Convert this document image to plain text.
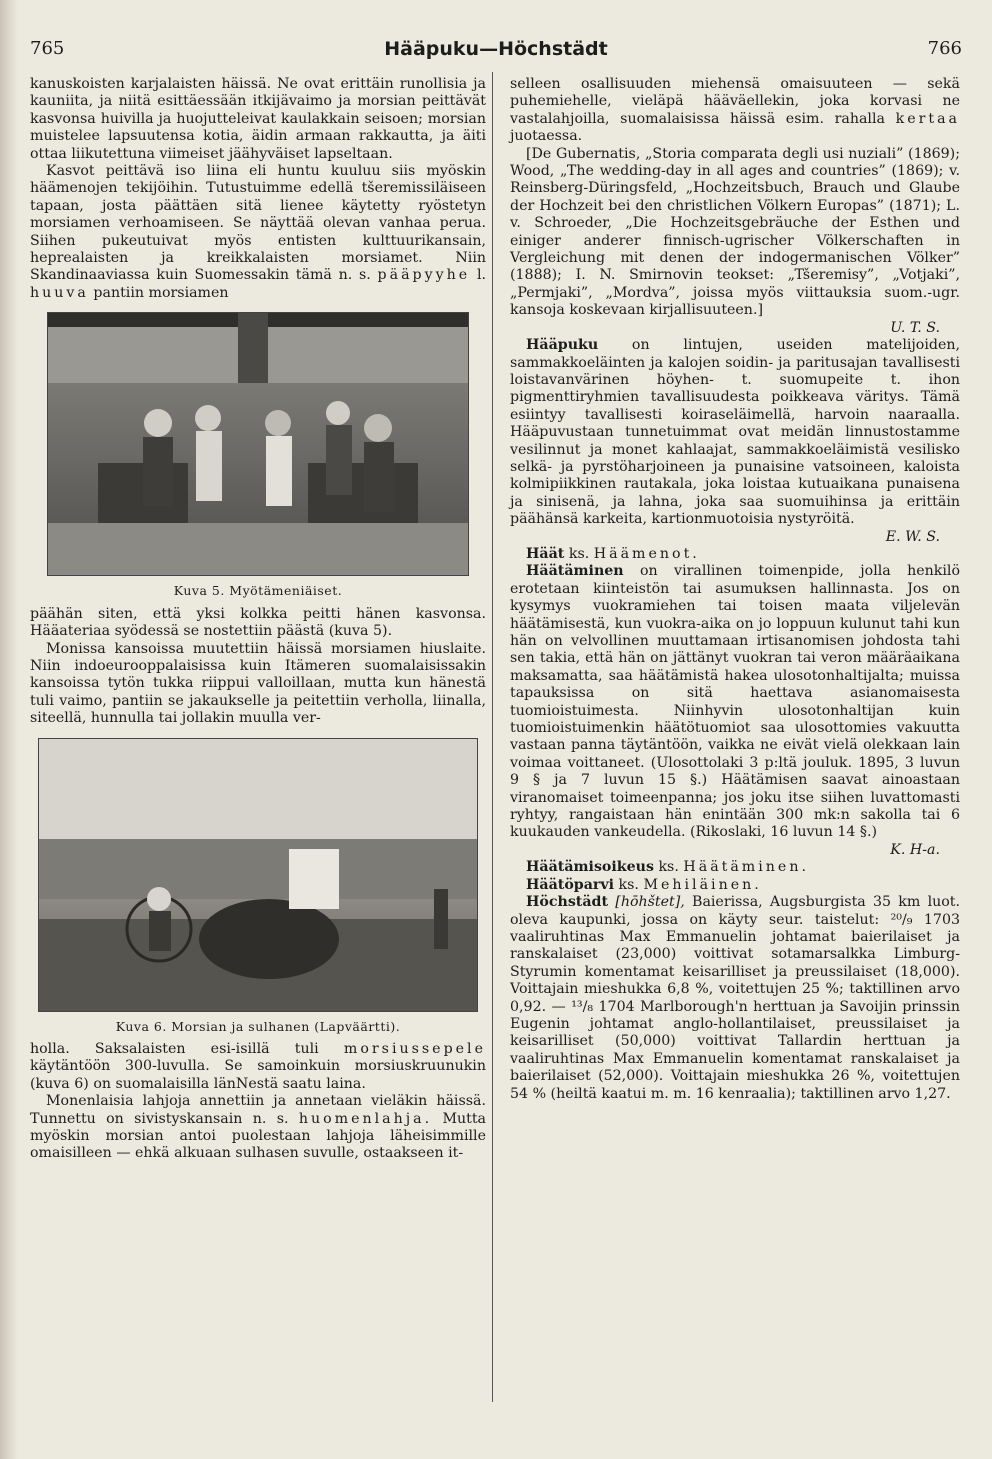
765	Hääpuku—Höchstädt	766

kanuskoisten karjalaisten häissä. Ne ovat erittäin runollisia ja kauniita, ja niitä esittäessään itkijävaimo ja morsian peittävät kasvonsa huivilla ja huojutteleivat kaulakkain seisoen; morsian muistelee lapsuutensa kotia, äidin armaan rakkautta, ja äiti ottaa liikutettuna viimeiset jäähyväiset lapseltaan.

Kasvot peittävä iso liina eli huntu kuuluu siis myöskin häämenojen tekijöihin. Tutustuimme edellä tšeremissiläiseen tapaan, josta päättäen sitä lienee käytetty ryöstetyn morsiamen verhoamiseen. Se näyttää olevan vanhaa perua. Siihen pukeutuivat myös entisten kulttuurikansain, heprealaisten ja kreikkalaisten morsiamet. Niin Skandinaaviassa kuin Suomessakin tämä n. s. pääpyyhe l. huuva pantiin morsiamen

Kuva 5. Myötämeniäiset.

päähän siten, että yksi kolkka peitti hänen kasvonsa. Hääateriaa syödessä se nostettiin päästä (kuva 5).

Monissa kansoissa muutettiin häissä morsiamen hiuslaite. Niin indoeurooppalaisissa kuin Itämeren suomalaisissakin kansoissa tytön tukka riippui valloillaan, mutta kun hänestä tuli vaimo, pantiin se jakaukselle ja peitettiin verholla, liinalla, siteellä, hunnulla tai jollakin muulla ver-

Kuva 6. Morsian ja sulhanen (Lapväärtti).

holla. Saksalaisten esi-isillä tuli morsiussepele käytäntöön 300-luvulla. Se samoinkuin morsiuskruunukin (kuva 6) on suomalaisilla länNestä saatu laina.

Monenlaisia lahjoja annettiin ja annetaan vieläkin häissä. Tunnettu on sivistyskansain n. s. huomenlahja. Mutta myöskin morsian antoi puolestaan lahjoja läheisimmille omaisilleen — ehkä alkuaan sulhasen suvulle, ostaakseen it-

selleen osallisuuden miehensä omaisuuteen — sekä puhemiehelle, vieläpä hääväellekin, joka korvasi ne vastalahjoilla, suomalaisissa häissä esim. rahalla kertaa juotaessa.

[De Gubernatis, „Storia comparata degli usi nuziali” (1869); Wood, „The wedding-day in all ages and countries” (1869); v. Reinsberg-Düringsfeld, „Hochzeitsbuch, Brauch und Glaube der Hochzeit bei den christlichen Völkern Europas” (1871); L. v. Schroeder, „Die Hochzeitsgebräuche der Esthen und einiger anderer finnisch-ugrischer Völkerschaften in Vergleichung mit denen der indogermanischen Völker” (1888); I. N. Smirnovin teokset: „Tšeremisy”, „Votjaki”, „Permjaki”, „Mordva”, joissa myös viittauksia suom.-ugr. kansoja koskevaan kirjallisuuteen.]

U. T. S.

Hääpuku on lintujen, useiden matelijoiden, sammakkoeläinten ja kalojen soidin- ja paritusajan tavallisesti loistavanvärinen höyhen- t. suomupeite t. ihon pigmenttiryhmien tavallisuudesta poikkeava väritys. Tämä esiintyy tavallisesti koiraseläimellä, harvoin naaraalla. Hääpuvustaan tunnetuimmat ovat meidän linnustostamme vesilinnut ja monet kahlaajat, sammakkoeläimistä vesilisko selkä- ja pyrstöharjoineen ja punaisine vatsoineen, kaloista kolmipiikkinen rautakala, joka loistaa kutuaikana punaisena ja sinisenä, ja lahna, joka saa suomuihinsa ja erittäin päähänsä karkeita, kartionmuotoisia nystyröitä.

E. W. S.

Häät ks. Häämenot.

Häätäminen on virallinen toimenpide, jolla henkilö erotetaan kiinteistön tai asumuksen hallinnasta. Jos on kysymys vuokramiehen tai toisen maata viljelevän häätämisestä, kun vuokra-aika on jo loppuun kulunut tahi kun hän on velvollinen muuttamaan irtisanomisen johdosta tahi sen takia, että hän on jättänyt vuokran tai veron määräaikana maksamatta, saa häätämistä hakea ulosotonhaltijalta; muissa tapauksissa on sitä haettava asianomaisesta tuomioistuimesta. Niinhyvin ulosotonhaltijan kuin tuomioistuimenkin häätötuomiot saa ulosottomies vakuutta vastaan panna täytäntöön, vaikka ne eivät vielä olekkaan lain voimaa voittaneet. (Ulosottolaki 3 p:ltä jouluk. 1895, 3 luvun 9 § ja 7 luvun 15 §.) Häätämisen saavat ainoastaan viranomaiset toimeenpanna; jos joku itse siihen luvattomasti ryhtyy, rangaistaan hän enintään 300 mk:n sakolla tai 6 kuukauden vankeudella. (Rikoslaki, 16 luvun 14 §.)

K. H-a.

Häätämisoikeus ks. Häätäminen.

Häätöparvi ks. Mehiläinen.

Höchstädt [hōhštet], Baierissa, Augsburgista 35 km luot. oleva kaupunki, jossa on käyty seur. taistelut: ²⁰/₉ 1703 vaaliruhtinas Max Emmanuelin johtamat baierilaiset ja ranskalaiset (23,000) voittivat sotamarsalkka Limburg-Styrumin komentamat keisarilliset ja preussilaiset (18,000). Voittajain mieshukka 6,8 %, voitettujen 25 %; taktillinen arvo 0,92. — ¹³/₈ 1704 Marlborough'n herttuan ja Savoijin prinssin Eugenin johtamat anglo-hollantilaiset, preussilaiset ja keisarilliset (50,000) voittivat Tallardin herttuan ja vaaliruhtinas Max Emmanuelin komentamat ranskalaiset ja baierilaiset (52,000). Voittajain mieshukka 26 %, voitettujen 54 % (heiltä kaatui m. m. 16 kenraalia); taktillinen arvo 1,27.
